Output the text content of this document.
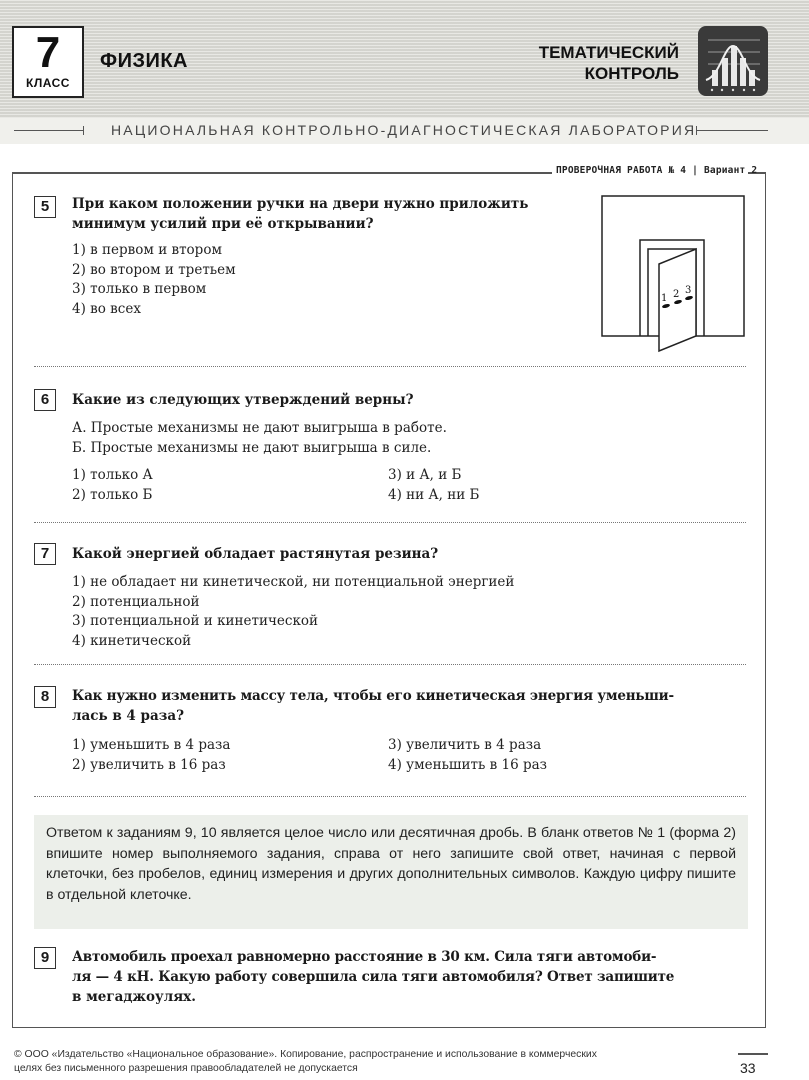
7
КЛАСС
ФИЗИКА	ТЕМАТИЧЕСКИЙ
КОНТРОЛЬ
НАЦИОНАЛЬНАЯ КОНТРОЛЬНО-ДИАГНОСТИЧЕСКАЯ ЛАБОРАТОРИЯ
ПРОВЕРОЧНАЯ РАБОТА № 4 | Вариант 2
5	При каком положении ручки на двери нужно приложить минимум усилий при её открывании?
1) в первом и втором
2) во втором и третьем
3) только в первом
4) во всех
1 2 3
6	Какие из следующих утверждений верны?
А. Простые механизмы не дают выигрыша в работе.
Б. Простые механизмы не дают выигрыша в силе.
1) только А
2) только Б
3) и А, и Б
4) ни А, ни Б
7	Какой энергией обладает растянутая резина?
1) не обладает ни кинетической, ни потенциальной энергией
2) потенциальной
3) потенциальной и кинетической
4) кинетической
8	Как нужно изменить массу тела, чтобы его кинетическая энергия уменьши-
лась в 4 раза?
1) уменьшить в 4 раза
2) увеличить в 16 раз
3) увеличить в 4 раза
4) уменьшить в 16 раз
Ответом к заданиям 9, 10 является целое число или десятичная дробь. В бланк ответов № 1 (форма 2) впишите номер выполняемого задания, справа от него запишите свой ответ, начиная с первой клеточки, без пробелов, единиц измерения и других дополнительных символов. Каждую цифру пишите в отдельной клеточке.
9	Автомобиль проехал равномерно расстояние в 30 км. Сила тяги автомоби-
ля — 4 кН. Какую работу совершила сила тяги автомобиля? Ответ запишите
в мегаджоулях.
© ООО «Издательство «Национальное образование». Копирование, распространение и использование в коммерческих
целях без письменного разрешения правообладателей не допускается	33
